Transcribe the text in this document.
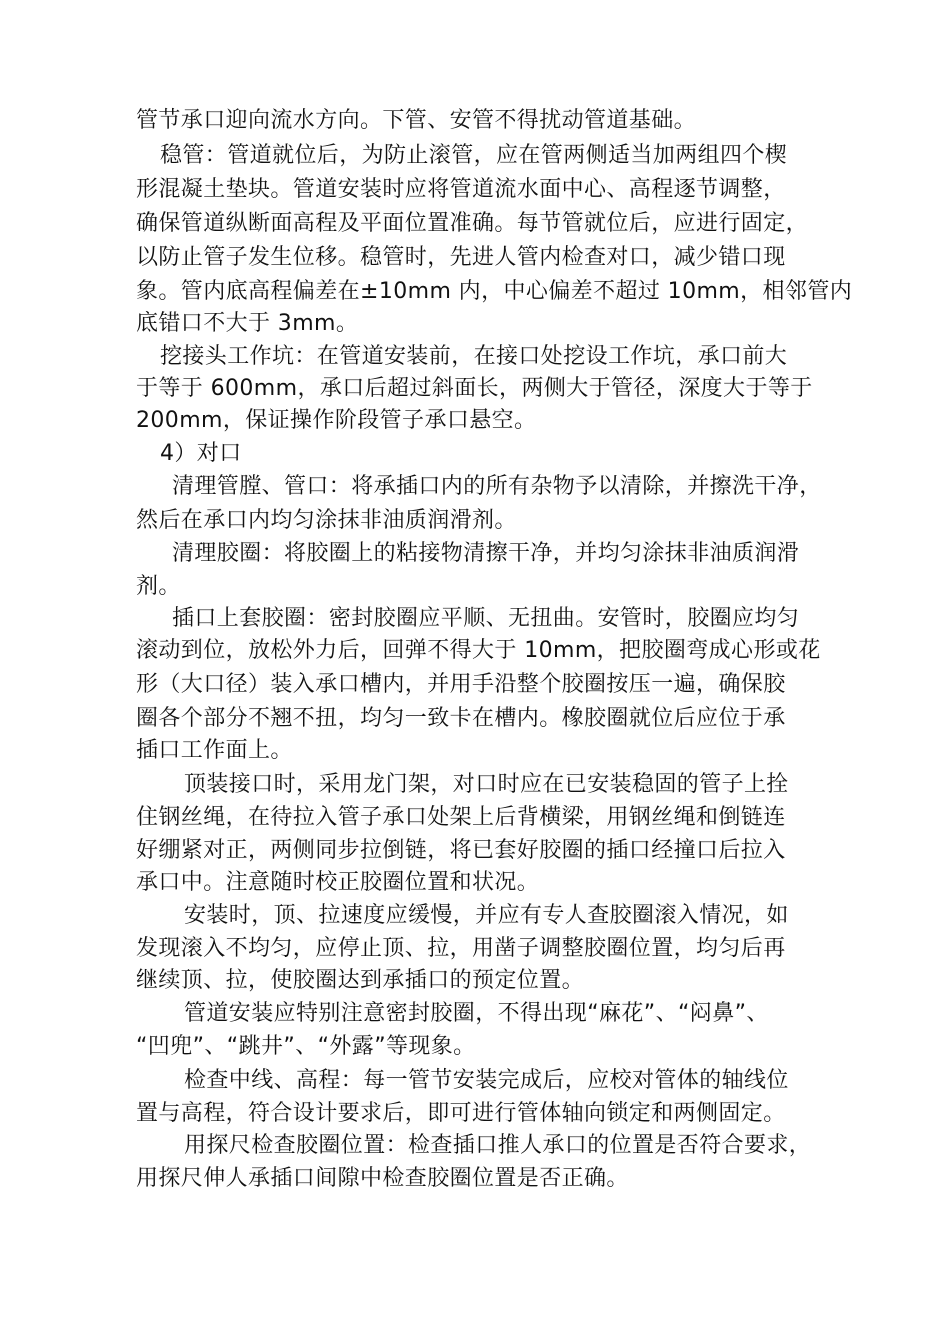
管节承口迎向流水方向。下管、安管不得扰动管道基础。
稳管：管道就位后，为防止滚管，应在管两侧适当加两组四个楔
形混凝土垫块。管道安装时应将管道流水面中心、高程逐节调整，
确保管道纵断面高程及平面位置准确。每节管就位后，应进行固定，
以防止管子发生位移。稳管时，先进人管内检查对口，减少错口现
象。管内底高程偏差在±10mm 内，中心偏差不超过 10mm，相邻管内
底错口不大于 3mm。
挖接头工作坑：在管道安装前，在接口处挖设工作坑，承口前大
于等于 600mm，承口后超过斜面长，两侧大于管径，深度大于等于
200mm，保证操作阶段管子承口悬空。
4）对口
清理管膛、管口：将承插口内的所有杂物予以清除，并擦洗干净，
然后在承口内均匀涂抹非油质润滑剂。
清理胶圈：将胶圈上的粘接物清擦干净，并均匀涂抹非油质润滑
剂。
插口上套胶圈：密封胶圈应平顺、无扭曲。安管时，胶圈应均匀
滚动到位，放松外力后，回弹不得大于 10mm，把胶圈弯成心形或花
形（大口径）装入承口槽内，并用手沿整个胶圈按压一遍，确保胶
圈各个部分不翘不扭，均匀一致卡在槽内。橡胶圈就位后应位于承
插口工作面上。
顶装接口时，采用龙门架，对口时应在已安装稳固的管子上拴
住钢丝绳，在待拉入管子承口处架上后背横梁，用钢丝绳和倒链连
好绷紧对正，两侧同步拉倒链，将已套好胶圈的插口经撞口后拉入
承口中。注意随时校正胶圈位置和状况。
安装时，顶、拉速度应缓慢，并应有专人查胶圈滚入情况，如
发现滚入不均匀，应停止顶、拉，用凿子调整胶圈位置，均匀后再
继续顶、拉，使胶圈达到承插口的预定位置。
管道安装应特别注意密封胶圈，不得出现“麻花”、“闷鼻”、
“凹兜”、“跳井”、“外露”等现象。
检查中线、高程：每一管节安装完成后，应校对管体的轴线位
置与高程，符合设计要求后，即可进行管体轴向锁定和两侧固定。
用探尺检查胶圈位置：检查插口推人承口的位置是否符合要求，
用探尺伸人承插口间隙中检查胶圈位置是否正确。
